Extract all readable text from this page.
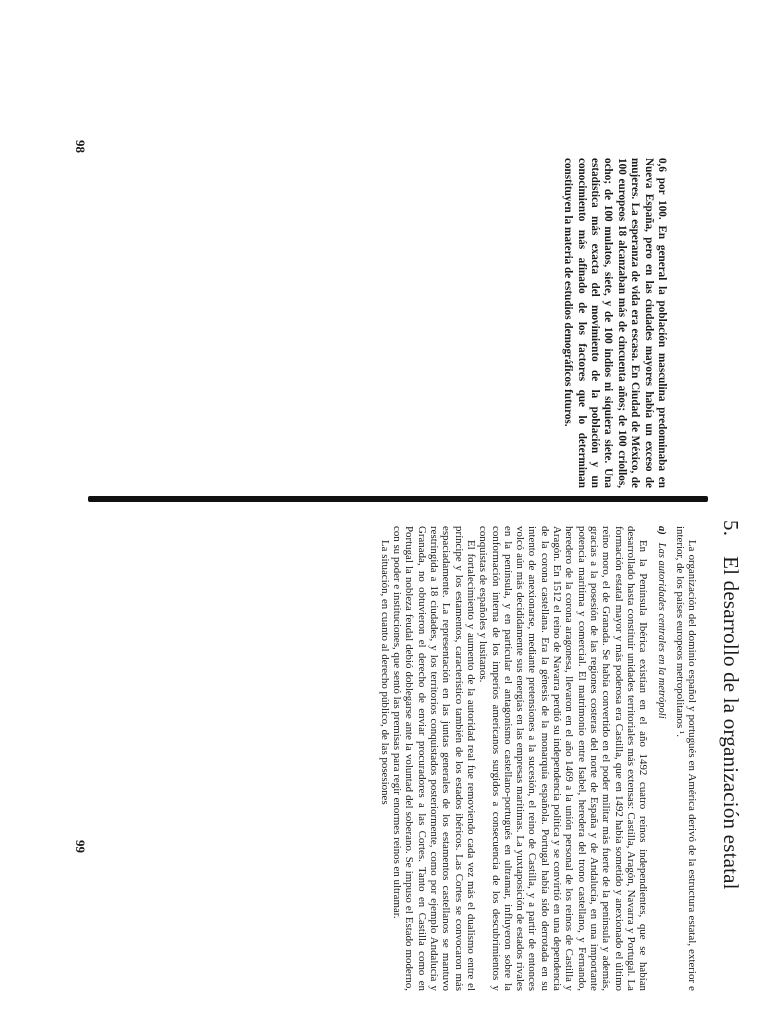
98
99

0,6 por 100. En general la población masculina predominaba en Nueva España, pero en las ciudades mayores había un exceso de mujeres. La esperanza de vida era escasa. En Ciudad de México, de 100 europeos 18 alcanzaban más de cincuenta años; de 100 criollos, ocho; de 100 mulatos, siete, y de 100 indios ni siquiera siete. Una estadística más exacta del movimiento de la población y un conocimiento más afinado de los factores que lo determinan constituyen la materia de estudios demográficos futuros.

5.El desarrollo de la organización estatal

La organización del dominio español y portugués en América derivó de la estructura estatal, exterior e interior, de los países europeos metropolitanos ¹.

a)Las autoridades centrales en la metrópoli

En la Península Ibérica existían en el año 1492 cuatro reinos independientes, que se habían desarrollado hasta constituir unidades territoriales más extensas: Castilla, Aragón, Navarra y Portugal. La formación estatal mayor y más poderosa era Castilla, que en 1492 había sometido y anexionado el último reino moro, el de Granada. Se había convertido en el poder militar más fuerte de la península y además, gracias a la posesión de las regiones costeras del norte de España y de Andalucía, en una importante potencia marítima y comercial. El matrimonio entre Isabel, heredera del trono castellano, y Fernando, heredero de la corona aragonesa, llevaron en el año 1469 a la unión personal de los reinos de Castilla y Aragón. En 1512 el reino de Navarra perdió su independencia política y se convirtió en una dependencia de la corona castellana. Era la génesis de la monarquía española. Portugal había sido derrotada en su intento de anexionarse, mediante pretensiones a la sucesión, el reino de Castilla, y a partir de entonces volcó aún más decididamente sus energías en las empresas marítimas. La yuxtaposición de estados rivales en la península, y en particular el antagonismo castellano-portugués en ultramar, influyeron sobre la conformación interna de los imperios americanos surgidos a consecuencia de los descubrimientos y conquistas de españoles y lusitanos.

El fortalecimiento y aumento de la autoridad real fue removiendo cada vez más el dualismo entre el príncipe y los estamentos, característico también de los estados ibéricos. Las Cortes se convocaron más espaciadamente. La representación en las juntas generales de los estamentos castellanos se mantuvo restringida a 18 ciudades, y los territorios conquistados posteriormente, como por ejemplo Andalucía y Granada, no obtuvieron el derecho de enviar procuradores a las Cortes. Tanto en Castilla como en Portugal la nobleza feudal debió doblegarse ante la voluntad del soberano. Se impuso el Estado moderno, con su poder e instituciones, que sentó las premisas para regir enormes reinos en ultramar.

La situación, en cuanto al derecho público, de las posesiones
